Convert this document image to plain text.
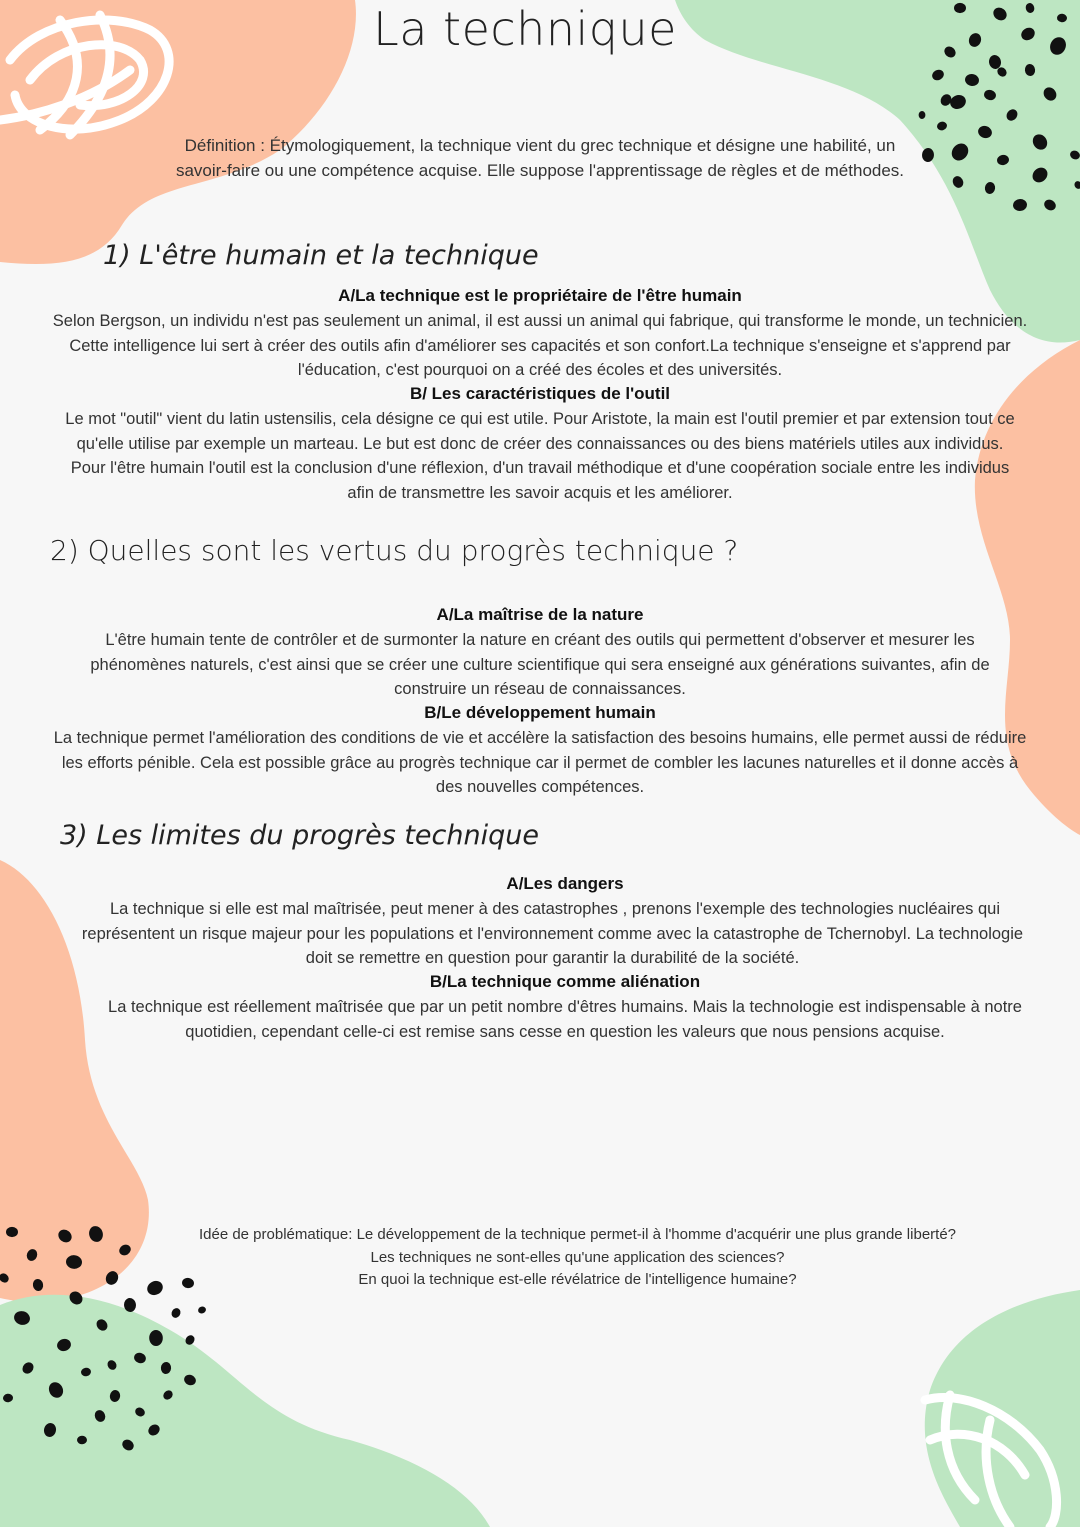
La technique

Définition : Étymologiquement, la technique vient du grec technique et désigne une habilité, un savoir-faire ou une compétence acquise. Elle suppose l'apprentissage de règles et de méthodes.

1) L'être humain et la technique
A/La technique est le propriétaire de l'être humain
Selon Bergson, un individu n'est pas seulement un animal, il est aussi un animal qui fabrique, qui transforme le monde, un technicien.
Cette intelligence lui sert à créer des outils afin d'améliorer ses capacités et son confort.La technique s'enseigne et s'apprend par
l'éducation, c'est pourquoi on a créé des écoles et des universités.
B/ Les caractéristiques de l'outil
Le mot "outil" vient du latin ustensilis, cela désigne ce qui est utile. Pour Aristote, la main est l'outil premier et par extension tout ce
qu'elle utilise par exemple un marteau. Le but est donc de créer des connaissances ou des biens matériels utiles aux individus.
Pour l'être humain l'outil est la conclusion d'une réflexion, d'un travail méthodique et d'une coopération sociale entre les individus
afin de transmettre les savoir acquis et les améliorer.
2) Quelles sont les vertus du progrès technique ?
A/La maîtrise de la nature
L'être humain tente de contrôler et de surmonter la nature en créant des outils qui permettent d'observer et mesurer les
phénomènes naturels, c'est ainsi que se créer une culture scientifique qui sera enseigné aux générations suivantes, afin de
construire un réseau de connaissances.
B/Le développement humain
La technique permet l'amélioration des conditions de vie et accélère la satisfaction des besoins humains, elle permet aussi de réduire
les efforts pénible. Cela est possible grâce au progrès technique car il permet de combler les lacunes naturelles et il donne accès à
des nouvelles compétences.
3) Les limites du progrès technique
A/Les dangers
La technique si elle est mal maîtrisée, peut mener à des catastrophes , prenons l'exemple des technologies nucléaires qui
représentent un risque majeur pour les populations et l'environnement comme avec la catastrophe de Tchernobyl. La technologie
doit se remettre en question pour garantir la durabilité de la société.
B/La technique comme aliénation
La technique est réellement maîtrisée que par un petit nombre d'êtres humains. Mais la technologie est indispensable à notre
quotidien, cependant celle-ci est remise sans cesse en question les valeurs que nous pensions acquise.
Idée de problématique: Le développement de la technique permet-il à l'homme d'acquérir une plus grande liberté?
Les techniques ne sont-elles qu'une application des sciences?
En quoi la technique est-elle révélatrice de l'intelligence humaine?
